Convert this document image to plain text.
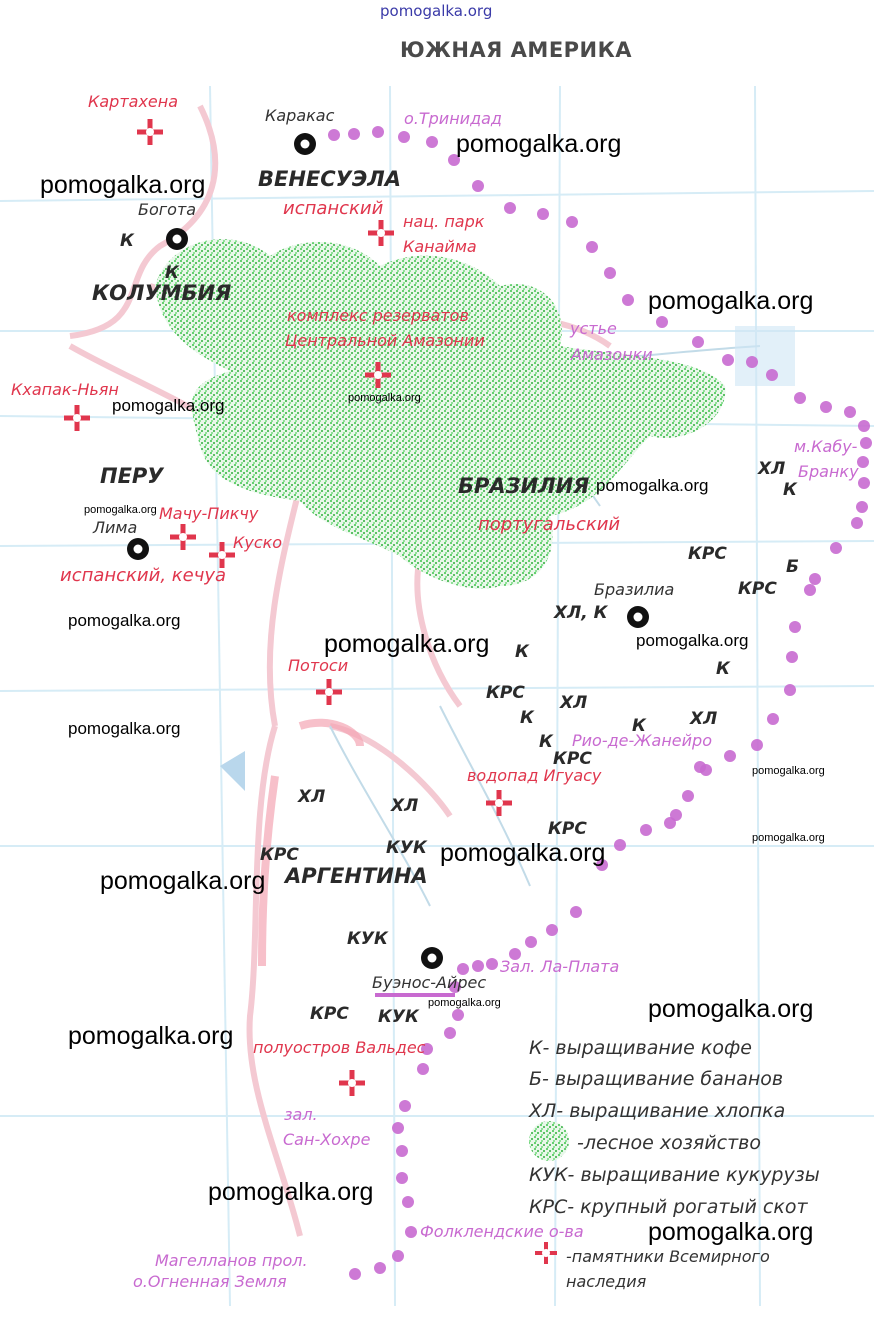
pomogalka.org
ЮЖНАЯ АМЕРИКА
Каракас
Богота
Лима
Бразилиа
Рио-де-Жанейро
Буэнос-Айрес
ВЕНЕСУЭЛА
КОЛУМБИЯ
ПЕРУ	БРАЗИЛИЯ
АРГЕНТИНА
испанский
испанский, кечуа
португальский
Картахена
нац. парк
Канайма
комплекс резерватов
Центральной Амазонии
Кхапак-Ньян
Мачу-Пикчу
Куско
Потоси
водопад Игуасу
полуостров Вальдес
о.Тринидад
устье
Амазонки
м.Кабу-
Бранку
Зал. Ла-Плата
зал.
Сан-Хохре
Фолклендские о-ва
Магелланов прол.
о.Огненная Земля
К
К
ХЛ
К
КРС
Б
КРС
ХЛ, К
К
К
КРС
К
ХЛ
К	ХЛ
К
КРС
ХЛ	ХЛ
КРС	КУК
КРС
КУК
КРС КУК
К- выращивание кофе
Б- выращивание бананов
ХЛ- выращивание хлопка
-лесное хозяйство
КУК- выращивание кукурузы
КРС- крупный рогатый скот
-памятники Всемирного
наследия
pomogalka.org
pomogalka.org
pomogalka.org
pomogalka.org	pomogalka.org
pomogalka.org
pomogalka.org
pomogalka.org
pomogalka.org	pomogalka.org
pomogalka.org
pomogalka.org
pomogalka.org
pomogalka.org
pomogalka.org
pomogalka.org	pomogalka.org
pomogalka.org
pomogalka.org
pomogalka.org
